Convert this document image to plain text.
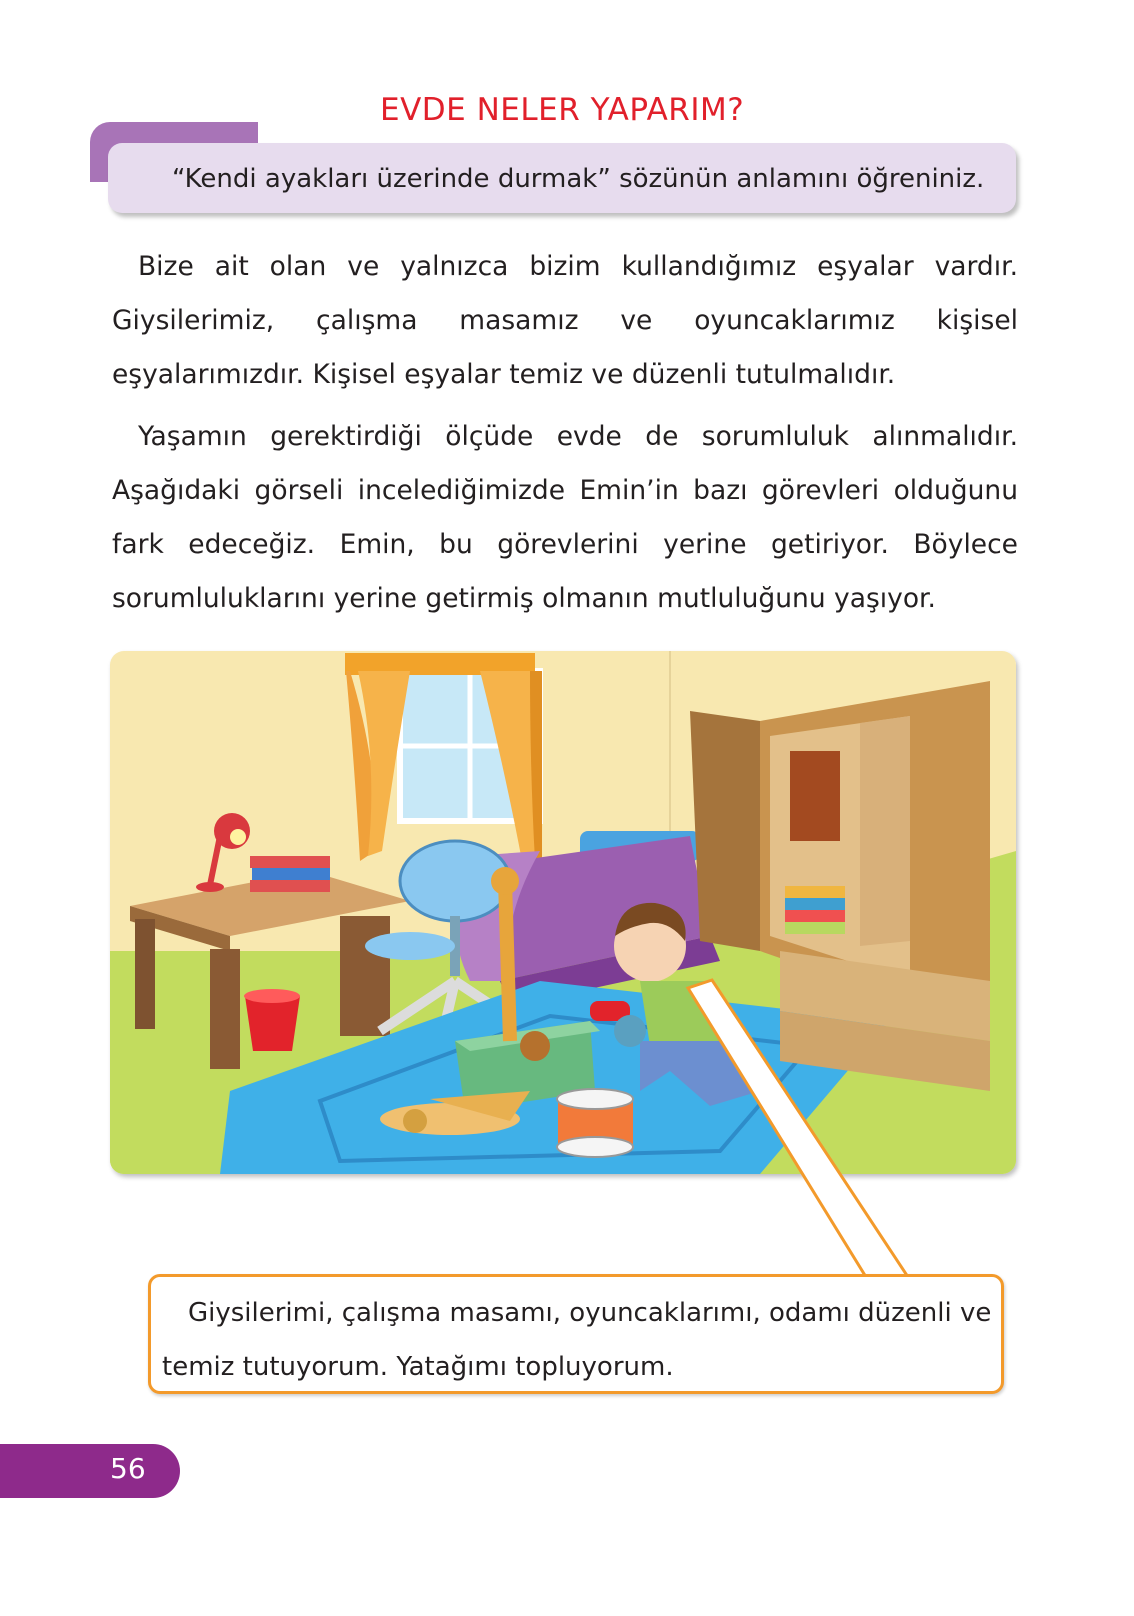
EVDE NELER YAPARIM?
“Kendi ayakları üzerinde durmak” sözünün anlamını öğreniniz.

Bize ait olan ve yalnızca bizim kullandığımız eşyalar vardır. Giysilerimiz, çalışma masamız ve oyuncaklarımız kişisel eşyalarımızdır. Kişisel eşyalar temiz ve düzenli tutulmalıdır.

Yaşamın gerektirdiği ölçüde evde de sorumluluk alınmalıdır. Aşağıdaki görseli incelediğimizde Emin’in bazı görevleri olduğunu fark edeceğiz. Emin, bu görevlerini yerine getiriyor. Böylece sorumluluklarını yerine getirmiş olmanın mutluluğunu yaşıyor.

Giysilerimi, çalışma masamı, oyuncaklarımı, odamı düzenli ve temiz tutuyorum. Yatağımı topluyorum.

56
